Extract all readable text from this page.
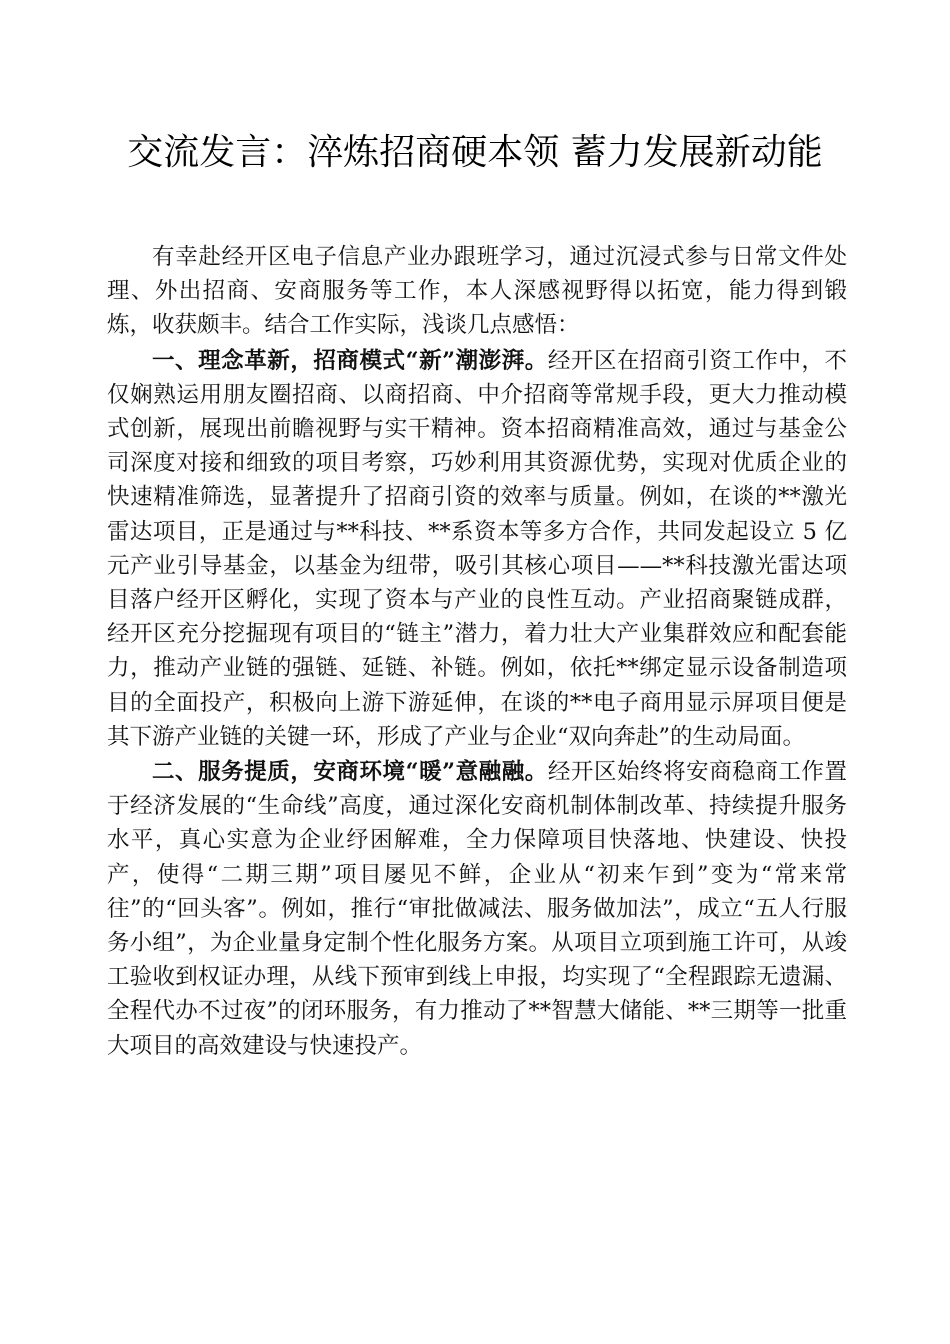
交流发言：淬炼招商硬本领 蓄力发展新动能

有幸赴经开区电子信息产业办跟班学习，通过沉浸式参与日常文件处理、外出招商、安商服务等工作，本人深感视野得以拓宽，能力得到锻炼，收获颇丰。结合工作实际，浅谈几点感悟：

一、理念革新，招商模式“新”潮澎湃。经开区在招商引资工作中，不仅娴熟运用朋友圈招商、以商招商、中介招商等常规手段，更大力推动模式创新，展现出前瞻视野与实干精神。资本招商精准高效，通过与基金公司深度对接和细致的项目考察，巧妙利用其资源优势，实现对优质企业的快速精准筛选，显著提升了招商引资的效率与质量。例如，在谈的**激光雷达项目，正是通过与**科技、**系资本等多方合作，共同发起设立 5 亿元产业引导基金，以基金为纽带，吸引其核心项目——**科技激光雷达项目落户经开区孵化，实现了资本与产业的良性互动。产业招商聚链成群，经开区充分挖掘现有项目的“链主”潜力，着力壮大产业集群效应和配套能力，推动产业链的强链、延链、补链。例如，依托**绑定显示设备制造项目的全面投产，积极向上游下游延伸，在谈的**电子商用显示屏项目便是其下游产业链的关键一环，形成了产业与企业“双向奔赴”的生动局面。

二、服务提质，安商环境“暖”意融融。经开区始终将安商稳商工作置于经济发展的“生命线”高度，通过深化安商机制体制改革、持续提升服务水平，真心实意为企业纾困解难，全力保障项目快落地、快建设、快投产，使得“二期三期”项目屡见不鲜，企业从“初来乍到”变为“常来常往”的“回头客”。例如，推行“审批做减法、服务做加法”，成立“五人行服务小组”，为企业量身定制个性化服务方案。从项目立项到施工许可，从竣工验收到权证办理，从线下预审到线上申报，均实现了“全程跟踪无遗漏、全程代办不过夜”的闭环服务，有力推动了**智慧大储能、**三期等一批重大项目的高效建设与快速投产。
